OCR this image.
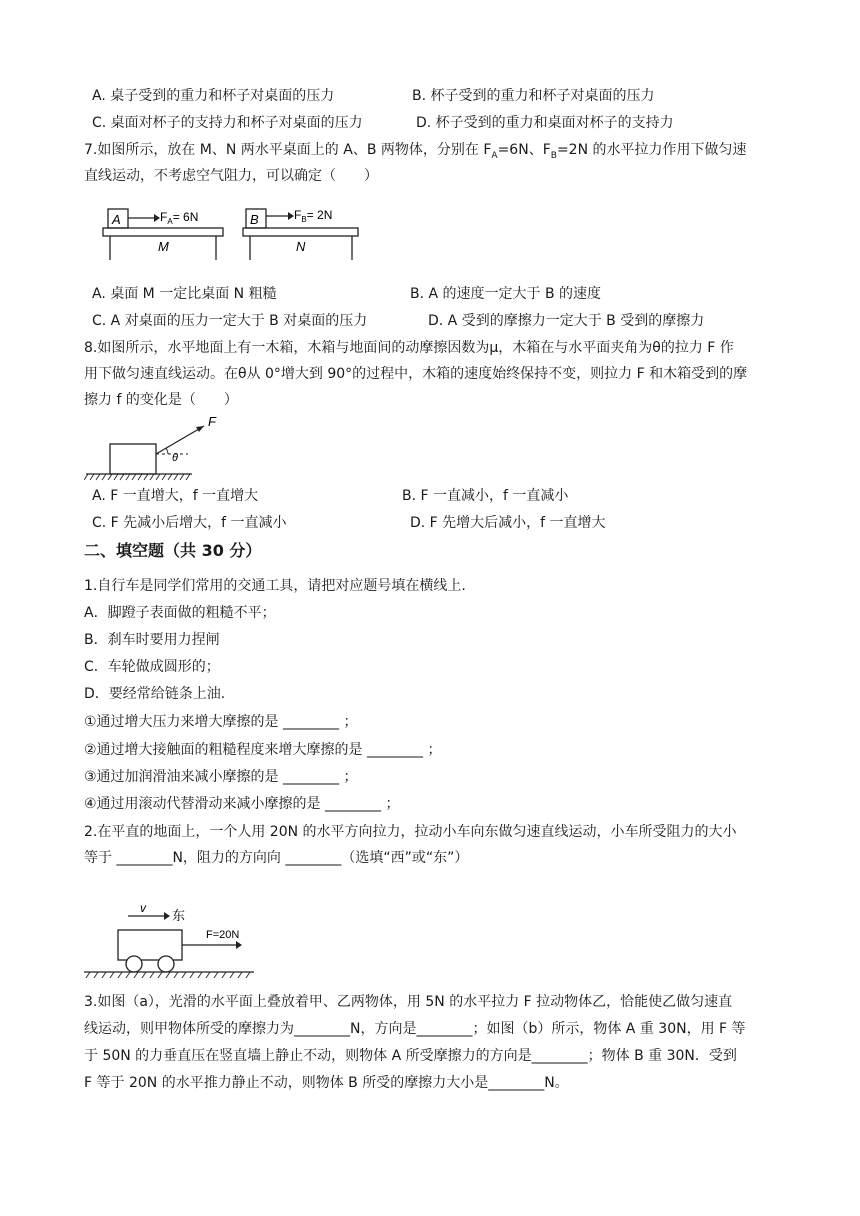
A. 桌子受到的重力和杯子对桌面的压力	B. 杯子受到的重力和杯子对桌面的压力
C. 桌面对杯子的支持力和杯子对桌面的压力	D. 杯子受到的重力和桌面对杯子的支持力
7.如图所示，放在 M、N 两水平桌面上的 A、B 两物体，分别在 $F_A=6N$、$F_B=2N$ 的水平拉力作用下做匀速
直线运动，不考虑空气阻力，可以确定（　　）
A	$F_A= 6N$
M
B	$F_B= 2N$
N
A. 桌面 M 一定比桌面 N 粗糙	B. A 的速度一定大于 B 的速度
C. A 对桌面的压力一定大于 B 对桌面的压力	D. A 受到的摩擦力一定大于 B 受到的摩擦力
8.如图所示，水平地面上有一木箱，木箱与地面间的动摩擦因数为μ，木箱在与水平面夹角为θ的拉力 F 作
用下做匀速直线运动。在θ从 0°增大到 90°的过程中，木箱的速度始终保持不变，则拉力 F 和木箱受到的摩
擦力 f 的变化是（　　）
F
θ
A. F 一直增大，f 一直增大	B. F 一直减小，f 一直减小
C. F 先减小后增大，f 一直减小	D. F 先增大后减小，f 一直增大
二、填空题（共 30 分）
1.自行车是同学们常用的交通工具，请把对应题号填在横线上.
A．脚蹬子表面做的粗糙不平；
B．刹车时要用力捏闸
C．车轮做成圆形的；
D．要经常给链条上油.
①通过增大压力来增大摩擦的是 ________ ；
②通过增大接触面的粗糙程度来增大摩擦的是 ________ ；
③通过加润滑油来减小摩擦的是 ________ ；
④通过用滚动代替滑动来减小摩擦的是 ________ ；
2.在平直的地面上，一个人用 20N 的水平方向拉力，拉动小车向东做匀速直线运动，小车所受阻力的大小
等于 ________N，阻力的方向向 ________（选填“西”或“东”）
v 东
F=20N
3.如图（a），光滑的水平面上叠放着甲、乙两物体，用 5N 的水平拉力 F 拉动物体乙，恰能使乙做匀速直
线运动，则甲物体所受的摩擦力为________N，方向是________；如图（b）所示，物体 A 重 30N，用 F 等
于 50N 的力垂直压在竖直墙上静止不动，则物体 A 所受摩擦力的方向是________；物体 B 重 30N．受到
F 等于 20N 的水平推力静止不动，则物体 B 所受的摩擦力大小是________N。
